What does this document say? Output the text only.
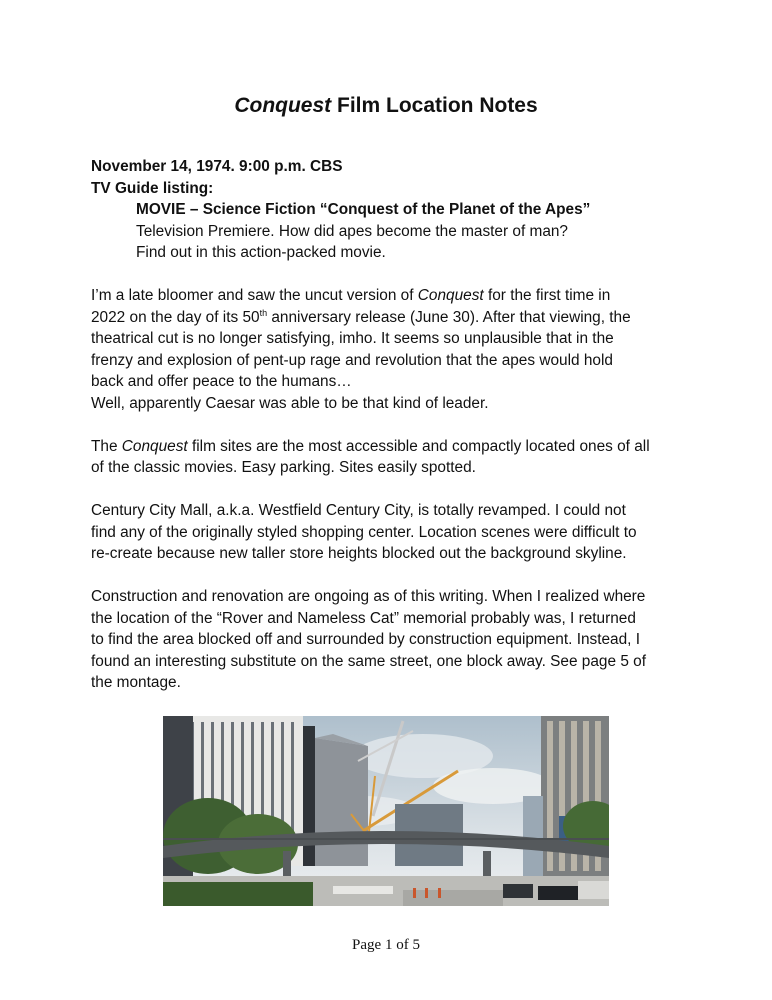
Conquest Film Location Notes
November 14, 1974. 9:00 p.m. CBS
TV Guide listing:
MOVIE – Science Fiction “Conquest of the Planet of the Apes”
Television Premiere. How did apes become the master of man?
Find out in this action-packed movie.
I’m a late bloomer and saw the uncut version of Conquest for the first time in
2022 on the day of its 50th anniversary release (June 30). After that viewing, the
theatrical cut is no longer satisfying, imho. It seems so unplausible that in the
frenzy and explosion of pent-up rage and revolution that the apes would hold
back and offer peace to the humans…
Well, apparently Caesar was able to be that kind of leader.
The Conquest film sites are the most accessible and compactly located ones of all
of the classic movies. Easy parking. Sites easily spotted.
Century City Mall, a.k.a. Westfield Century City, is totally revamped. I could not
find any of the originally styled shopping center. Location scenes were difficult to
re-create because new taller store heights blocked out the background skyline.
Construction and renovation are ongoing as of this writing. When I realized where
the location of the “Rover and Nameless Cat” memorial probably was, I returned
to find the area blocked off and surrounded by construction equipment. Instead, I
found an interesting substitute on the same street, one block away. See page 5 of
the montage.
Page 1 of 5
